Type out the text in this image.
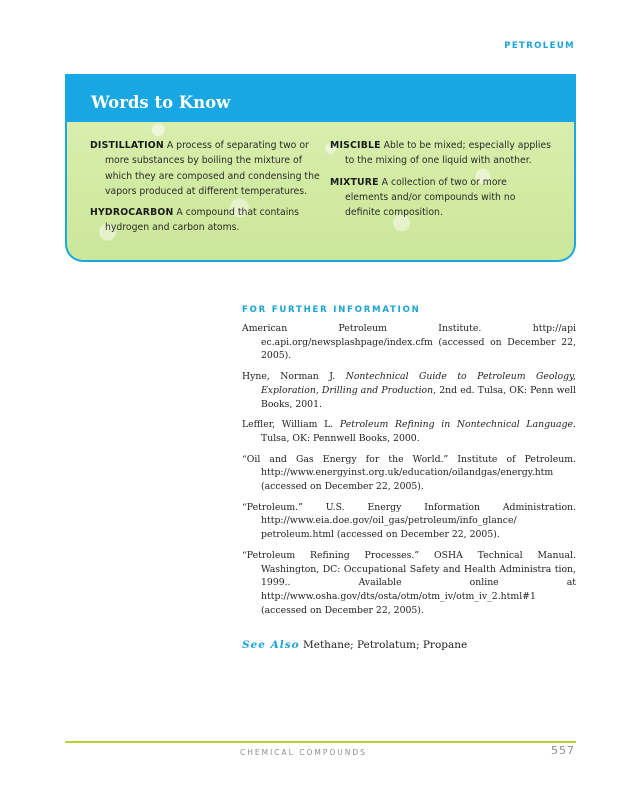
PETROLEUM
Words to Know

DISTILLATION A process of separating two or more substances by boiling the mixture of which they are composed and condensing the vapors produced at different temperatures.

HYDROCARBON A compound that contains hydrogen and carbon atoms.

MISCIBLE Able to be mixed; especially applies to the mixing of one liquid with another.

MIXTURE A collection of two or more elements and/or compounds with no definite composition.

FOR FURTHER INFORMATION

American Petroleum Institute. http://api ec.api.org/newsplashpage/index.cfm (accessed on December 22, 2005).

Hyne, Norman J. Nontechnical Guide to Petroleum Geology, Exploration, Drilling and Production, 2nd ed. Tulsa, OK: Penn well Books, 2001.

Leffler, William L. Petroleum Refining in Nontechnical Language. Tulsa, OK: Pennwell Books, 2000.

“Oil and Gas Energy for the World.” Institute of Petroleum. http://www.energyinst.org.uk/education/oilandgas/energy.htm (accessed on December 22, 2005).

“Petroleum.” U.S. Energy Information Administration. http://www.eia.doe.gov/oil_gas/petroleum/info_glance/ petroleum.html (accessed on December 22, 2005).

“Petroleum Refining Processes.” OSHA Technical Manual. Washington, DC: Occupational Safety and Health Administra tion, 1999.. Available online at http://www.osha.gov/dts/osta/otm/otm_iv/otm_iv_2.html#1 (accessed on December 22, 2005).

See Also Methane; Petrolatum; Propane
CHEMICAL COMPOUNDS	557
